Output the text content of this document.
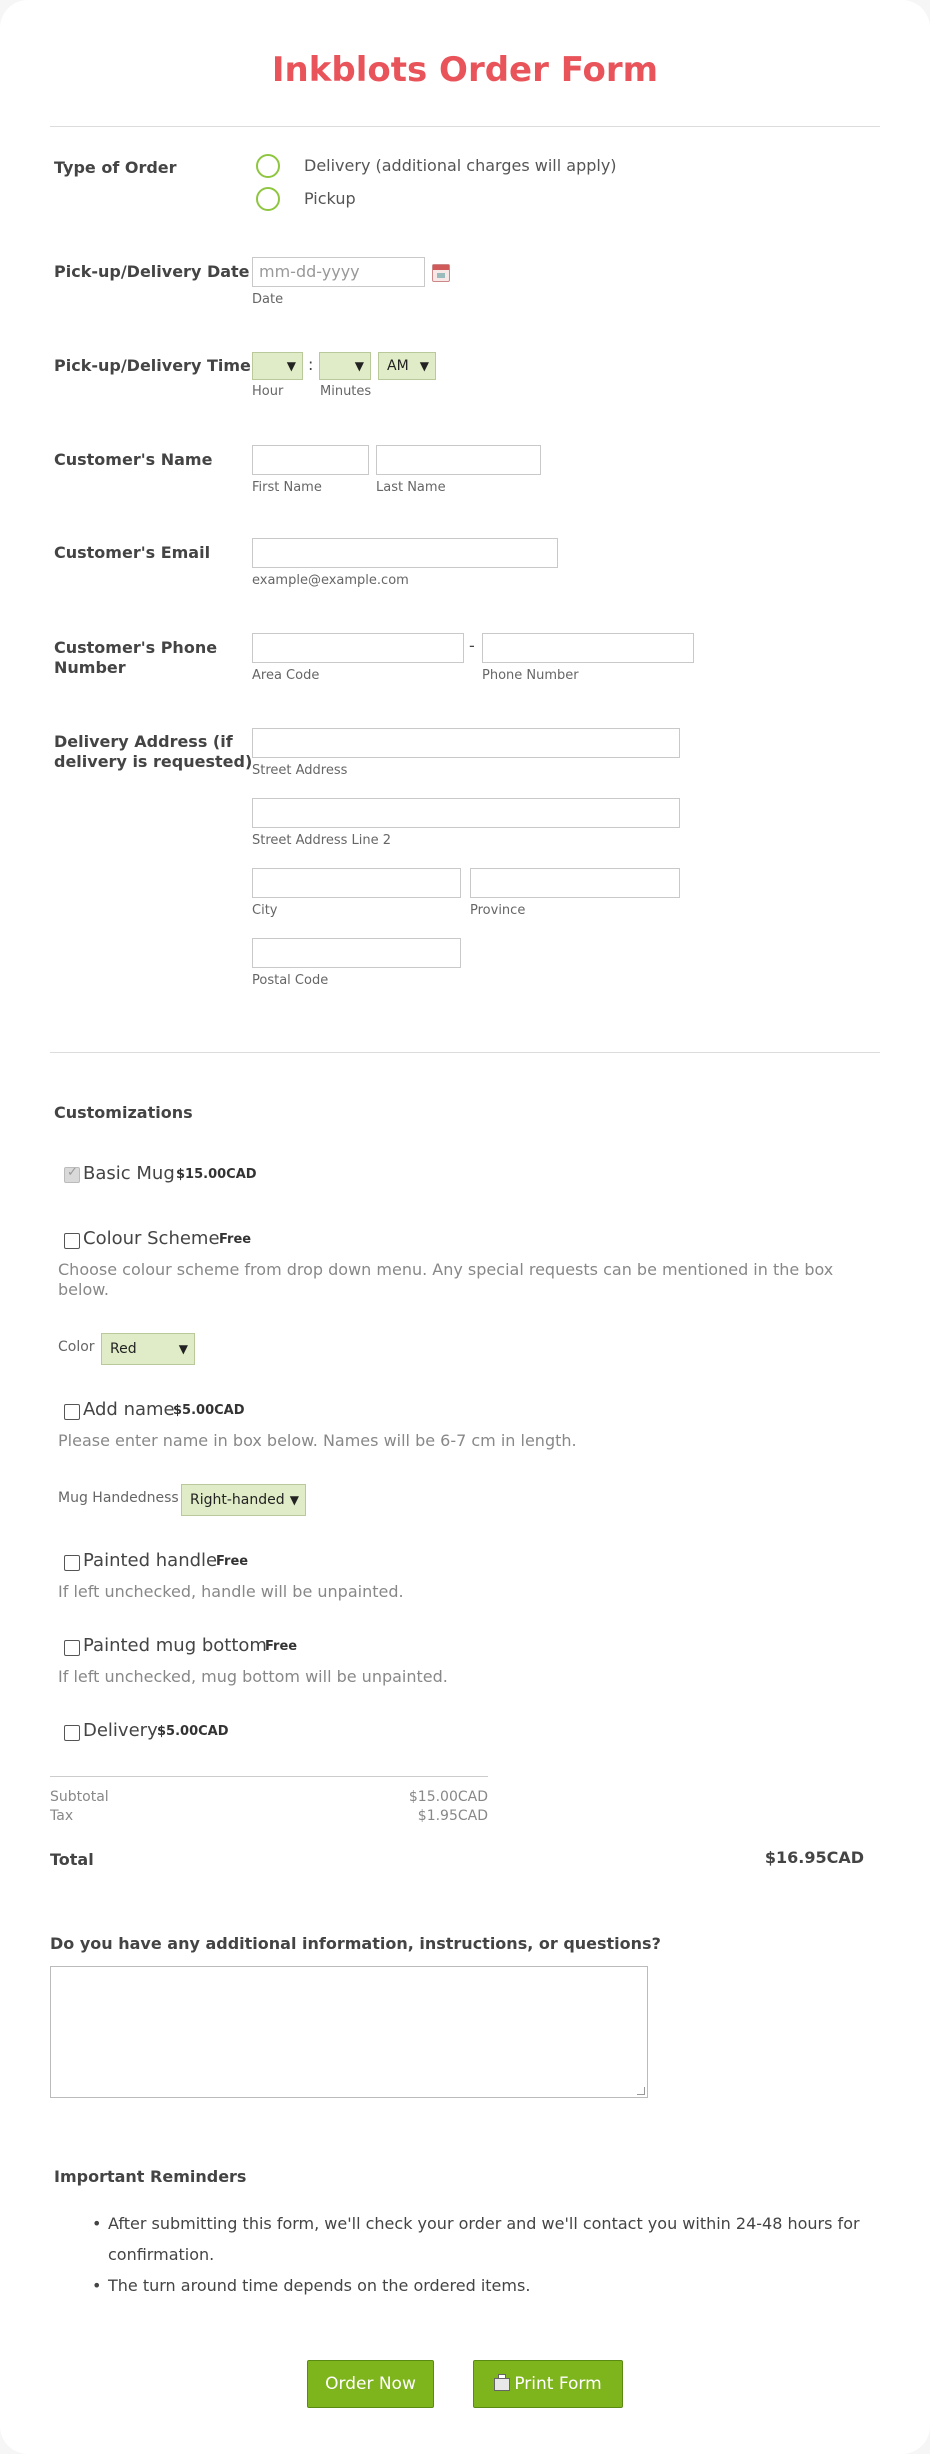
Inkblots Order Form
Type of Order	Delivery (additional charges will apply)
Pickup
Pick-up/Delivery Date mm-dd-yyyy
Date
Pick-up/Delivery Time	▼ :	▼	AM ▼
Hour	Minutes
Customer's Name
First Name	Last Name
Customer's Email
example@example.com
Customer's Phone
Number
-
Area Code	Phone Number
Delivery Address (if
delivery is requested) Street Address
Street Address Line 2
City	Province
Postal Code
Customizations
✓
Basic Mug $15.00CAD
Colour Scheme Free
Choose colour scheme from drop down menu. Any special requests can be mentioned in the box
below.
Color	Red	▼
Add name
$5.00CAD
Please enter name in box below. Names will be 6-7 cm in length.
Mug Handedness Right-handed ▼
Painted handle
Free
If left unchecked, handle will be unpainted.
Painted mug bottom
Free
If left unchecked, mug bottom will be unpainted.
Delivery $5.00CAD
Subtotal	$15.00CAD
Tax	$1.95CAD
Total	$16.95CAD
Do you have any additional information, instructions, or questions?
Important Reminders
• After submitting this form, we'll check your order and we'll contact you within 24-48 hours for
confirmation.
• The turn around time depends on the ordered items.
Order Now	Print Form
